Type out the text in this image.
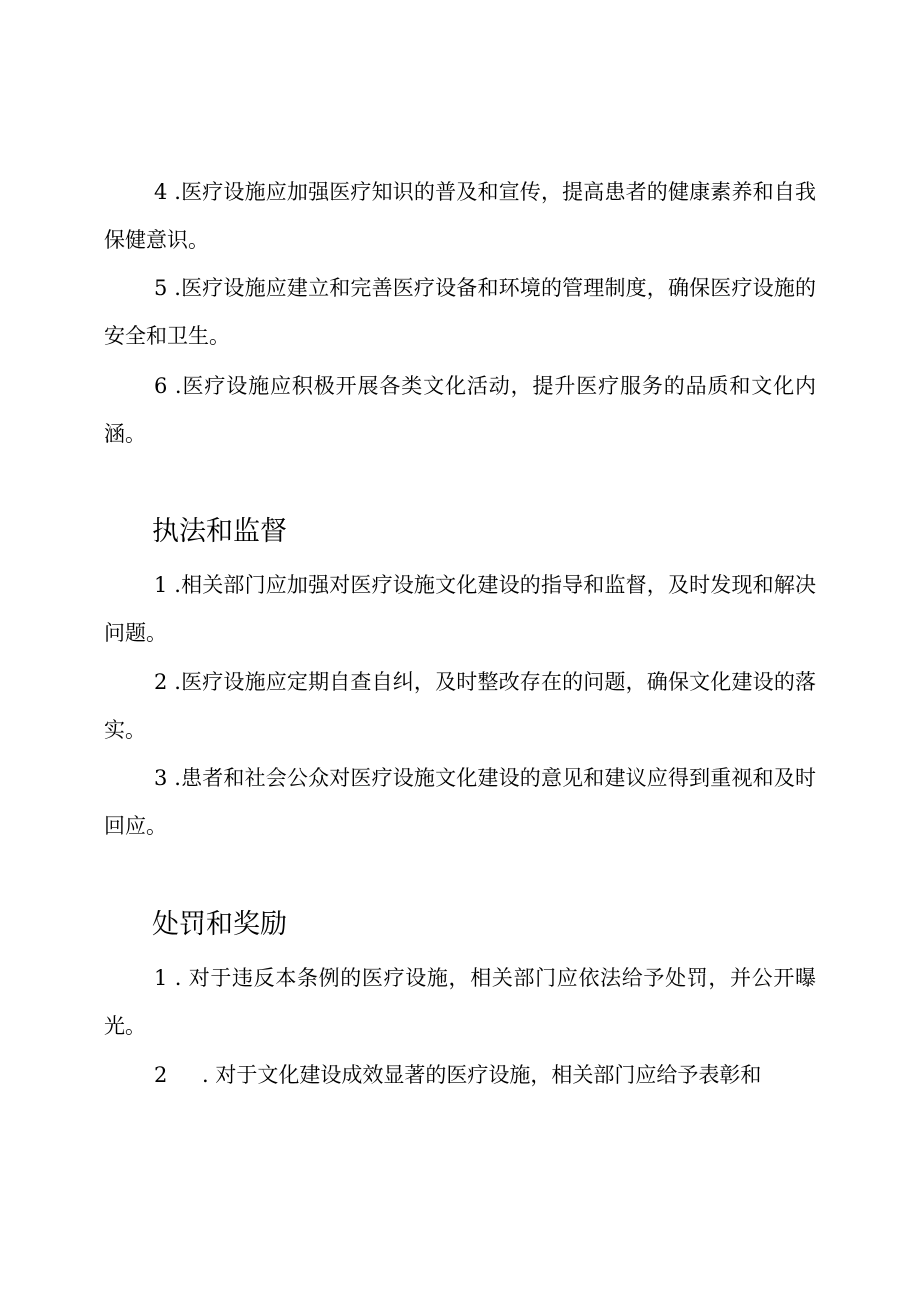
4 .医疗设施应加强医疗知识的普及和宣传，提高患者的健康素养和自我保健意识。

5 .医疗设施应建立和完善医疗设备和环境的管理制度，确保医疗设施的安全和卫生。

6 .医疗设施应积极开展各类文化活动，提升医疗服务的品质和文化内涵。

执法和监督

1 .相关部门应加强对医疗设施文化建设的指导和监督，及时发现和解决问题。

2 .医疗设施应定期自查自纠，及时整改存在的问题，确保文化建设的落实。

3 .患者和社会公众对医疗设施文化建设的意见和建议应得到重视和及时回应。

处罚和奖励

1 . 对于违反本条例的医疗设施，相关部门应依法给予处罚，并公开曝光。

2 . 对于文化建设成效显著的医疗设施，相关部门应给予表彰和
